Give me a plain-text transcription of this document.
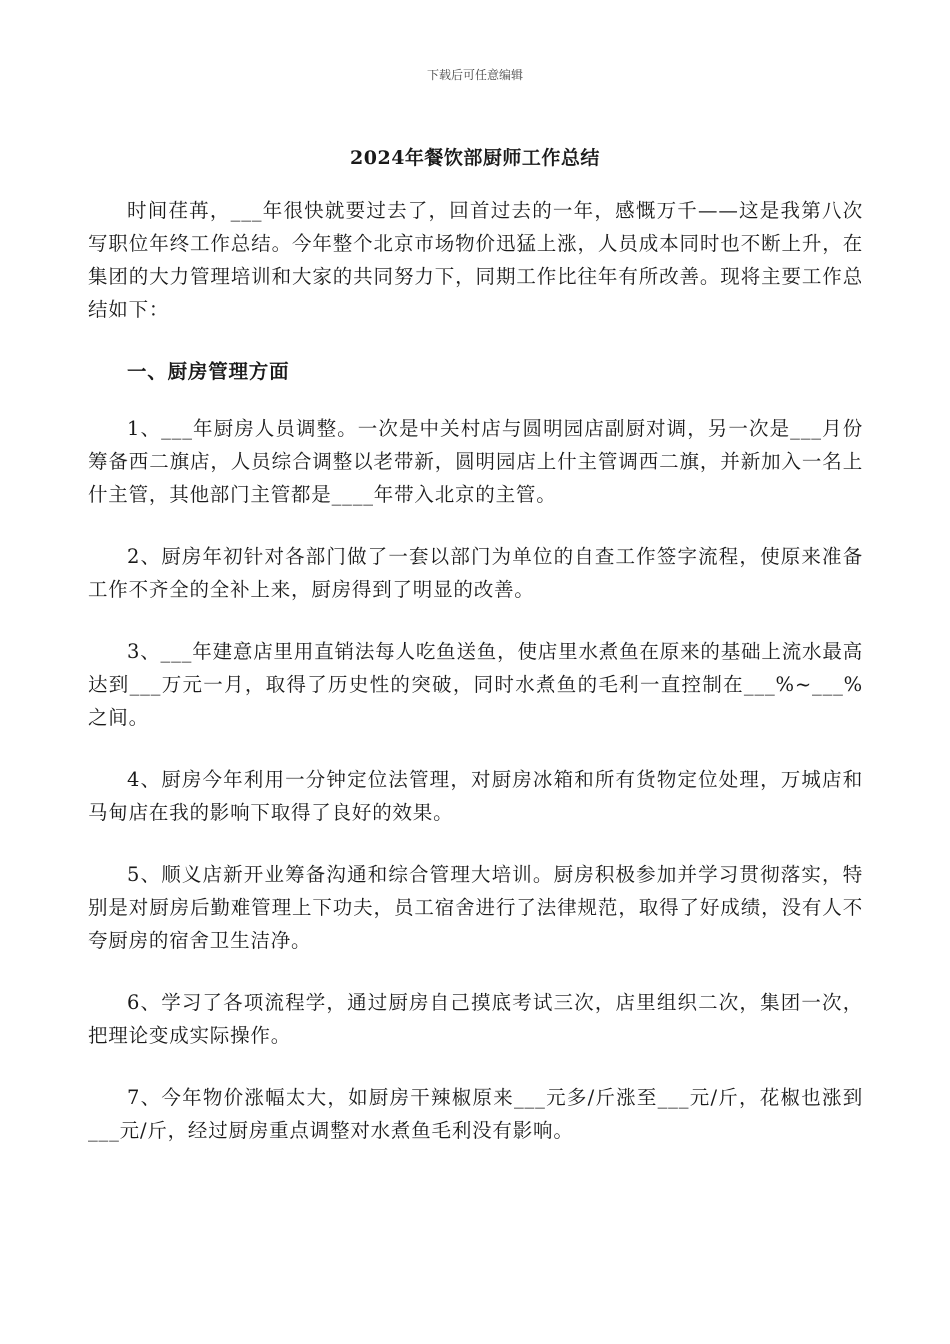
下载后可任意编辑
2024年餐饮部厨师工作总结

时间荏苒，___年很快就要过去了，回首过去的一年，感慨万千——这是我第八次写职位年终工作总结。今年整个北京市场物价迅猛上涨，人员成本同时也不断上升，在集团的大力管理培训和大家的共同努力下，同期工作比往年有所改善。现将主要工作总结如下：

一、厨房管理方面

1、___年厨房人员调整。一次是中关村店与圆明园店副厨对调，另一次是___月份筹备西二旗店，人员综合调整以老带新，圆明园店上什主管调西二旗，并新加入一名上什主管，其他部门主管都是____年带入北京的主管。

2、厨房年初针对各部门做了一套以部门为单位的自查工作签字流程，使原来准备工作不齐全的全补上来，厨房得到了明显的改善。

3、___年建意店里用直销法每人吃鱼送鱼，使店里水煮鱼在原来的基础上流水最高达到___万元一月，取得了历史性的突破，同时水煮鱼的毛利一直控制在___%~___%之间。

4、厨房今年利用一分钟定位法管理，对厨房冰箱和所有货物定位处理，万城店和马甸店在我的影响下取得了良好的效果。

5、顺义店新开业筹备沟通和综合管理大培训。厨房积极参加并学习贯彻落实，特别是对厨房后勤难管理上下功夫，员工宿舍进行了法律规范，取得了好成绩，没有人不夸厨房的宿舍卫生洁净。

6、学习了各项流程学，通过厨房自己摸底考试三次，店里组织二次，集团一次，把理论变成实际操作。

7、今年物价涨幅太大，如厨房干辣椒原来___元多/斤涨至___元/斤，花椒也涨到___元/斤，经过厨房重点调整对水煮鱼毛利没有影响。
